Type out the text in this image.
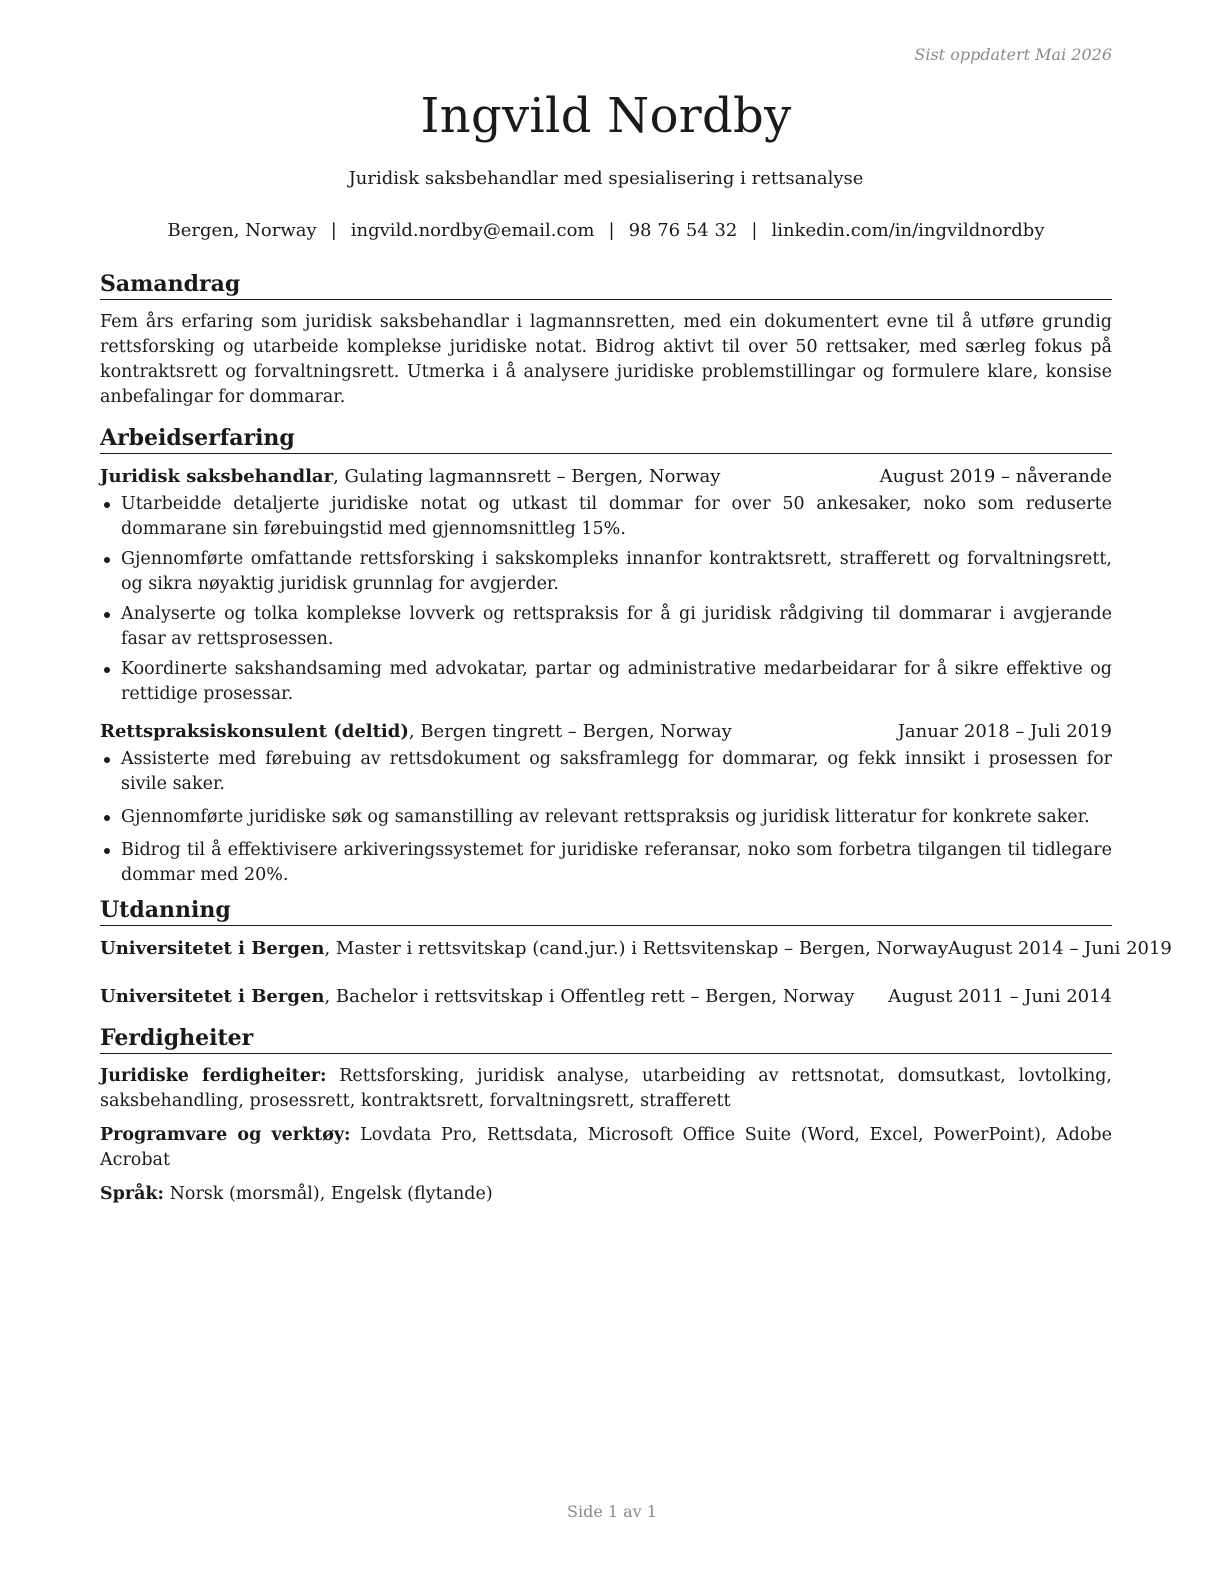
Sist oppdatert Mai 2026
Ingvild Nordby
Juridisk saksbehandlar med spesialisering i rettsanalyse
Bergen, Norway | ingvild.nordby@email.com | 98 76 54 32 | linkedin.com/in/ingvildnordby
Samandrag
Fem års erfaring som juridisk saksbehandlar i lagmannsretten, med ein dokumentert evne til å utføre grundig rettsforsking og utarbeide komplekse juridiske notat. Bidrog aktivt til over 50 rettsaker, med særleg fokus på kontraktsrett og forvaltningsrett. Utmerka i å analysere juridiske problemstillingar og formulere klare, konsise anbefalingar for dommarar.
Arbeidserfaring
Juridisk saksbehandlar, Gulating lagmannsrett – Bergen, Norway	August 2019 – nåverande
Utarbeidde detaljerte juridiske notat og utkast til dommar for over 50 ankesaker, noko som reduserte dommarane sin førebuingstid med gjennomsnittleg 15%.
Gjennomførte omfattande rettsforsking i sakskompleks innanfor kontraktsrett, strafferett og forvaltningsrett, og sikra nøyaktig juridisk grunnlag for avgjerder.
Analyserte og tolka komplekse lovverk og rettspraksis for å gi juridisk rådgiving til dommarar i avgjerande fasar av rettsprosessen.
Koordinerte sakshandsaming med advokatar, partar og administrative medarbeidarar for å sikre effektive og rettidige prosessar.
Rettspraksiskonsulent (deltid), Bergen tingrett – Bergen, Norway	Januar 2018 – Juli 2019
Assisterte med førebuing av rettsdokument og saksframlegg for dommarar, og fekk innsikt i prosessen for sivile saker.
Gjennomførte juridiske søk og samanstilling av relevant rettspraksis og juridisk litteratur for konkrete saker.
Bidrog til å effektivisere arkiveringssystemet for juridiske referansar, noko som forbetra tilgangen til tidlegare dommar med 20%.
Utdanning
Universitetet i Bergen, Master i rettsvitskap (cand.jur.) i Rettsvitenskap – Bergen, Norway August 2014 – Juni 2019
Universitetet i Bergen, Bachelor i rettsvitskap i Offentleg rett – Bergen, Norway August 2011 – Juni 2014
Ferdigheiter
Juridiske ferdigheiter: Rettsforsking, juridisk analyse, utarbeiding av rettsnotat, domsutkast, lovtolking, saksbehandling, prosessrett, kontraktsrett, forvaltningsrett, strafferett
Programvare og verktøy: Lovdata Pro, Rettsdata, Microsoft Office Suite (Word, Excel, PowerPoint), Adobe Acrobat
Språk: Norsk (morsmål), Engelsk (flytande)
Side 1 av 1
